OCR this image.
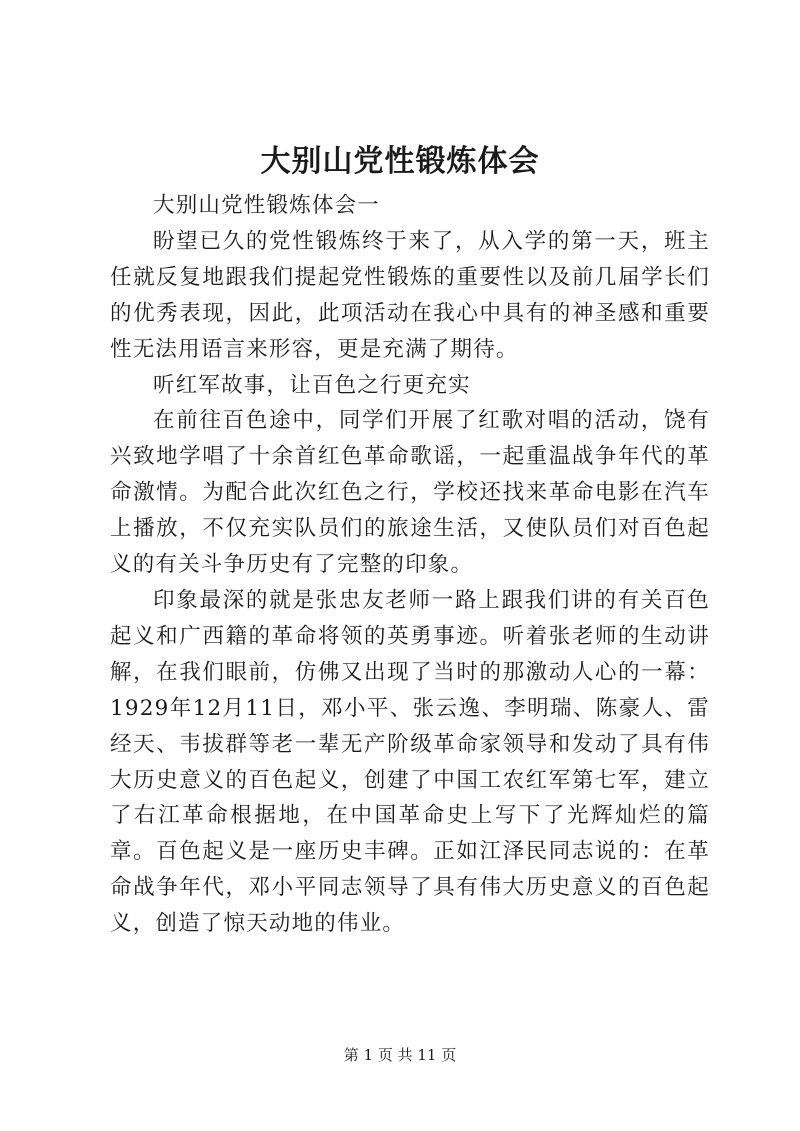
大别山党性锻炼体会

大别山党性锻炼体会一

盼望已久的党性锻炼终于来了，从入学的第一天，班主任就反复地跟我们提起党性锻炼的重要性以及前几届学长们的优秀表现，因此，此项活动在我心中具有的神圣感和重要性无法用语言来形容，更是充满了期待。

听红军故事，让百色之行更充实

在前往百色途中，同学们开展了红歌对唱的活动，饶有兴致地学唱了十余首红色革命歌谣，一起重温战争年代的革命激情。为配合此次红色之行，学校还找来革命电影在汽车上播放，不仅充实队员们的旅途生活，又使队员们对百色起义的有关斗争历史有了完整的印象。

印象最深的就是张忠友老师一路上跟我们讲的有关百色起义和广西籍的革命将领的英勇事迹。听着张老师的生动讲解，在我们眼前，仿佛又出现了当时的那激动人心的一幕：1929年12月11日，邓小平、张云逸、李明瑞、陈豪人、雷经天、韦拔群等老一辈无产阶级革命家领导和发动了具有伟大历史意义的百色起义，创建了中国工农红军第七军，建立了右江革命根据地，在中国革命史上写下了光辉灿烂的篇章。百色起义是一座历史丰碑。正如江泽民同志说的：在革命战争年代，邓小平同志领导了具有伟大历史意义的百色起义，创造了惊天动地的伟业。

第 1 页 共 11 页
